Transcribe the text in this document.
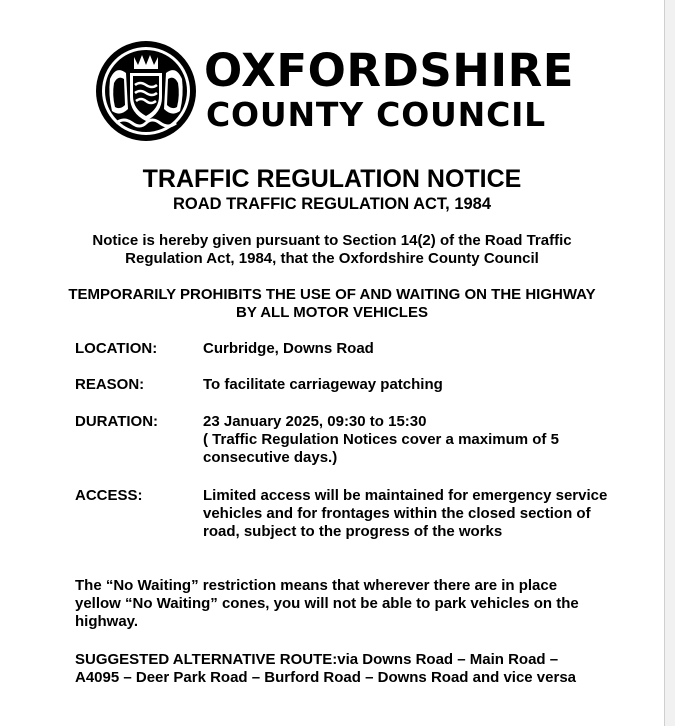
OXFORDSHIRE
COUNTY COUNCIL
TRAFFIC REGULATION NOTICE
ROAD TRAFFIC REGULATION ACT, 1984

Notice is hereby given pursuant to Section 14(2) of the Road Traffic

Regulation Act, 1984, that the Oxfordshire County Council

TEMPORARILY PROHIBITS THE USE OF AND WAITING ON THE HIGHWAY

BY ALL MOTOR VEHICLES

LOCATION:	Curbridge, Downs Road

REASON:	To facilitate carriageway patching

DURATION:	23 January 2025, 09:30 to 15:30

( Traffic Regulation Notices cover a maximum of 5

consecutive days.)

ACCESS:	Limited access will be maintained for emergency service

vehicles and for frontages within the closed section of

road, subject to the progress of the works

The “No Waiting” restriction means that wherever there are in place

yellow “No Waiting” cones, you will not be able to park vehicles on the

highway.

SUGGESTED ALTERNATIVE ROUTE:via Downs Road – Main Road –

A4095 – Deer Park Road – Burford Road – Downs Road and vice versa
